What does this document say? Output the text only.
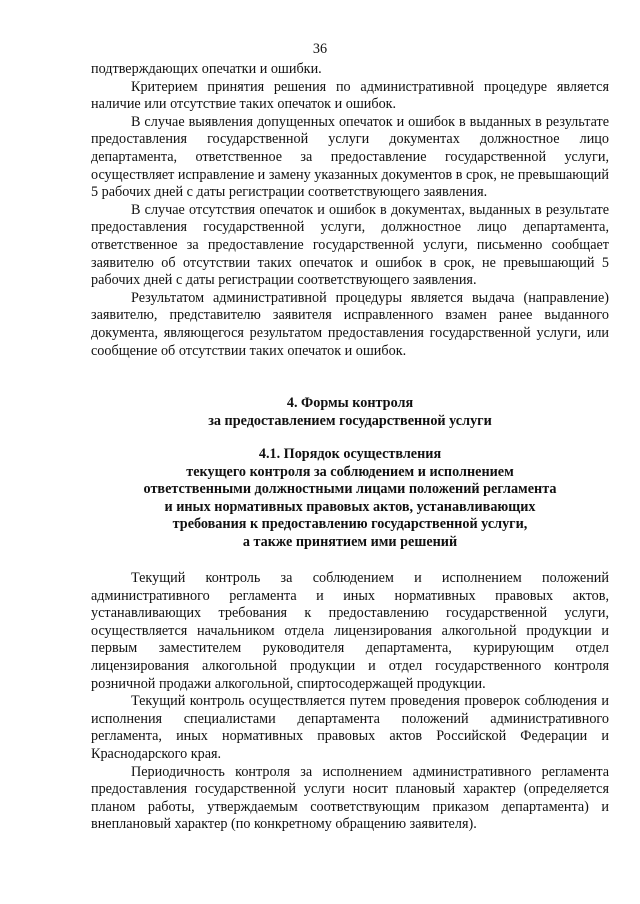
36

подтверждающих опечатки и ошибки.

Критерием принятия решения по административной процедуре является наличие или отсутствие таких опечаток и ошибок.

В случае выявления допущенных опечаток и ошибок в выданных в результате предоставления государственной услуги документах должностное лицо департамента, ответственное за предоставление государственной услуги, осуществляет исправление и замену указанных документов в срок, не превышающий 5 рабочих дней с даты регистрации соответствующего заявления.

В случае отсутствия опечаток и ошибок в документах, выданных в результате предоставления государственной услуги, должностное лицо департамента, ответственное за предоставление государственной услуги, письменно сообщает заявителю об отсутствии таких опечаток и ошибок в срок, не превышающий 5 рабочих дней с даты регистрации соответствующего заявления.

Результатом административной процедуры является выдача (направление) заявителю, представителю заявителя исправленного взамен ранее выданного документа, являющегося результатом предоставления государственной услуги, или сообщение об отсутствии таких опечаток и ошибок.

4. Формы контроля
за предоставлением государственной услуги
4.1. Порядок осуществления
текущего контроля за соблюдением и исполнением
ответственными должностными лицами положений регламента
и иных нормативных правовых актов, устанавливающих
требования к предоставлению государственной услуги,
а также принятием ими решений

Текущий контроль за соблюдением и исполнением положений административного регламента и иных нормативных правовых актов, устанавливающих требования к предоставлению государственной услуги, осуществляется начальником отдела лицензирования алкогольной продукции и первым заместителем руководителя департамента, курирующим отдел лицензирования алкогольной продукции и отдел государственного контроля розничной продажи алкогольной, спиртосодержащей продукции.

Текущий контроль осуществляется путем проведения проверок соблюдения и исполнения специалистами департамента положений административного регламента, иных нормативных правовых актов Российской Федерации и Краснодарского края.

Периодичность контроля за исполнением административного регламента предоставления государственной услуги носит плановый характер (определяется планом работы, утверждаемым соответствующим приказом департамента) и внеплановый характер (по конкретному обращению заявителя).
